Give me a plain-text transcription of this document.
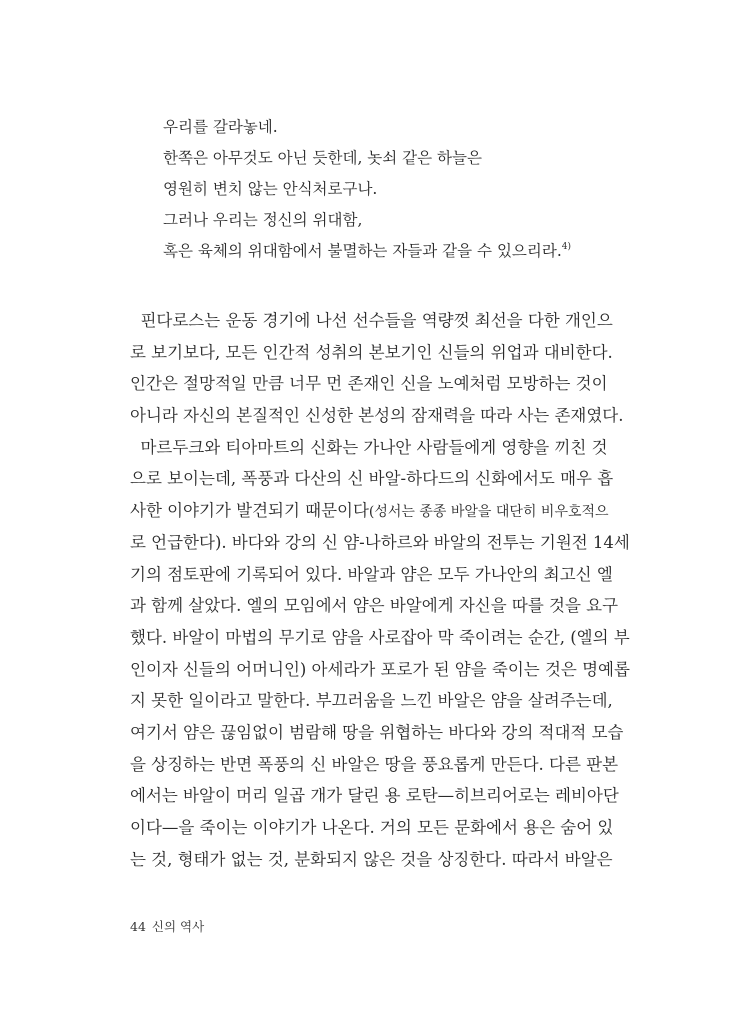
우리를 갈라놓네.
한쪽은 아무것도 아닌 듯한데, 놋쇠 같은 하늘은
영원히 변치 않는 안식처로구나.
그러나 우리는 정신의 위대함,
혹은 육체의 위대함에서 불멸하는 자들과 같을 수 있으리라.$^{4)}$
핀다로스는 운동 경기에 나선 선수들을 역량껏 최선을 다한 개인으
로 보기보다, 모든 인간적 성취의 본보기인 신들의 위업과 대비한다.
인간은 절망적일 만큼 너무 먼 존재인 신을 노예처럼 모방하는 것이
아니라 자신의 본질적인 신성한 본성의 잠재력을 따라 사는 존재였다.
마르두크와 티아마트의 신화는 가나안 사람들에게 영향을 끼친 것
으로 보이는데, 폭풍과 다산의 신 바알-하다드의 신화에서도 매우 흡
사한 이야기가 발견되기 때문이다(성서는 종종 바알을 대단히 비우호적으
로 언급한다). 바다와 강의 신 얌-나하르와 바알의 전투는 기원전 14세
기의 점토판에 기록되어 있다. 바알과 얌은 모두 가나안의 최고신 엘
과 함께 살았다. 엘의 모임에서 얌은 바알에게 자신을 따를 것을 요구
했다. 바알이 마법의 무기로 얌을 사로잡아 막 죽이려는 순간, (엘의 부
인이자 신들의 어머니인) 아세라가 포로가 된 얌을 죽이는 것은 명예롭
지 못한 일이라고 말한다. 부끄러움을 느낀 바알은 얌을 살려주는데,
여기서 얌은 끊임없이 범람해 땅을 위협하는 바다와 강의 적대적 모습
을 상징하는 반면 폭풍의 신 바알은 땅을 풍요롭게 만든다. 다른 판본
에서는 바알이 머리 일곱 개가 달린 용 로탄—히브리어로는 레비아단
이다—을 죽이는 이야기가 나온다. 거의 모든 문화에서 용은 숨어 있
는 것, 형태가 없는 것, 분화되지 않은 것을 상징한다. 따라서 바알은
44 신의 역사
